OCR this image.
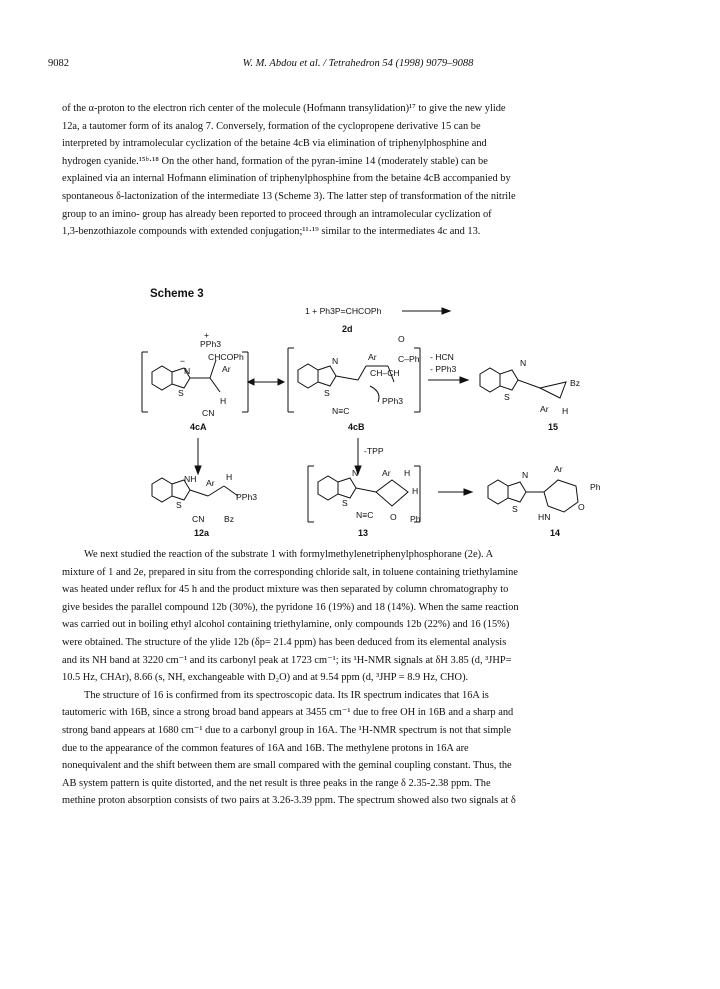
9082	W. M. Abdou et al. / Tetrahedron 54 (1998) 9079–9088

of the α-proton to the electron rich center of the molecule (Hofmann transylidation)¹⁷ to give the new ylide

12a, a tautomer form of its analog 7. Conversely, formation of the cyclopropene derivative 15 can be

interpreted by intramolecular cyclization of the betaine 4cB via elimination of triphenylphosphine and

hydrogen cyanide.¹⁵ᵇ·¹⁸ On the other hand, formation of the pyran-imine 14 (moderately stable) can be

explained via an internal Hofmann elimination of triphenylphosphine from the betaine 4cB accompanied by

spontaneous δ-lactonization of the intermediate 13 (Scheme 3). The latter step of transformation of the nitrile

group to an imino- group has already been reported to proceed through an intramolecular cyclization of

1,3-benzothiazole compounds with extended conjugation;¹¹·¹⁹ similar to the intermediates 4c and 13.

Scheme 3
1 + Ph3P=CHCOPh
2d
+
PPh3
CHCOPh
Ar
−
N
S
H
CN
4cA
O
C–Ph
Ar
N
S
CH–CH
N≡C
PPh3
4cB
- HCN
- PPh3
N
S
Bz
Ar H
15
-TPP
NH
S
Ar
H
PPh3
CN Bz
12a
N
S
Ar H
H
N≡C O Ph
13
N
S
Ar
Ph
O
HN
14

We next studied the reaction of the substrate 1 with formylmethylenetriphenylphosphorane (2e). A

mixture of 1 and 2e, prepared in situ from the corresponding chloride salt, in toluene containing triethylamine

was heated under reflux for 45 h and the product mixture was then separated by column chromatography to

give besides the parallel compound 12b (30%), the pyridone 16 (19%) and 18 (14%). When the same reaction

was carried out in boiling ethyl alcohol containing triethylamine, only compounds 12b (22%) and 16 (15%)

were obtained. The structure of the ylide 12b (δp= 21.4 ppm) has been deduced from its elemental analysis

and its NH band at 3220 cm⁻¹ and its carbonyl peak at 1723 cm⁻¹; its ¹H-NMR signals at δH 3.85 (d, ³JHP=

10.5 Hz, CHAr), 8.66 (s, NH, exchangeable with D₂O) and at 9.54 ppm (d, ³JHP = 8.9 Hz, CHO).

The structure of 16 is confirmed from its spectroscopic data. Its IR spectrum indicates that 16A is

tautomeric with 16B, since a strong broad band appears at 3455 cm⁻¹ due to free OH in 16B and a sharp and

strong band appears at 1680 cm⁻¹ due to a carbonyl group in 16A. The ¹H-NMR spectrum is not that simple

due to the appearance of the common features of 16A and 16B. The methylene protons in 16A are

nonequivalent and the shift between them are small compared with the geminal coupling constant. Thus, the

AB system pattern is quite distorted, and the net result is three peaks in the range δ 2.35-2.38 ppm. The

methine proton absorption consists of two pairs at 3.26-3.39 ppm. The spectrum showed also two signals at δ
